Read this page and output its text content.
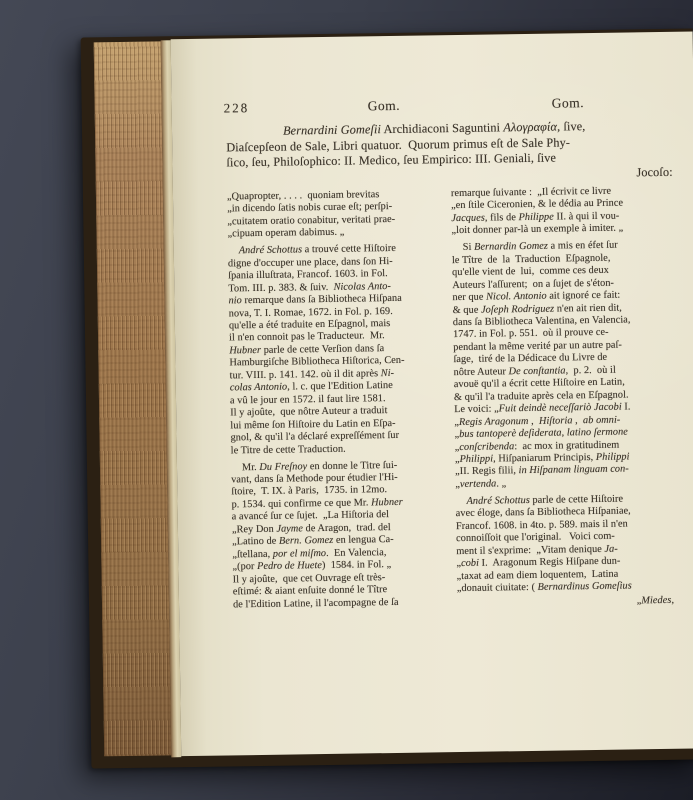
228	Gom.	Gom.
Bernardini Gomeſii Archidiaconi Saguntini Αλογραφία, ſive,
Diaſcepſeon de Sale, Libri quatuor.  Quorum primus eſt de Sale Phy-
ſico, ſeu, Philoſophico: II. Medico, ſeu Empirico: III. Geniali, ſive
Jocoſo:
„Quapropter, . . . .  quoniam brevitas
„in dicendo ſatis nobis curae eſt; perſpi-
„cuitatem oratio conabitur, veritati prae-
„cipuam operam dabimus. „
André Schottus a trouvé cette Hiſtoire
digne d'occuper une place, dans ſon Hi-
ſpania illuſtrata, Francof. 1603. in Fol.
Tom. III. p. 383. & ſuiv.  Nicolas Anto-
nio remarque dans ſa Bibliotheca Hiſpana
nova, T. I. Romae, 1672. in Fol. p. 169.
qu'elle a été traduite en Eſpagnol, mais
il n'en connoit pas le Traducteur.  Mr.
Hubner parle de cette Verſion dans ſa
Hamburgiſche Bibliotheca Hiſtorica, Cen-
tur. VIII. p. 141. 142. où il dit après Ni-
colas Antonio, l. c. que l'Edition Latine
a vû le jour en 1572. il faut lire 1581.
Il y ajoûte,  que nôtre Auteur a traduit
lui même ſon Hiſtoire du Latin en Eſpa-
gnol, & qu'il l'a déclaré expreſſément ſur
le Titre de cette Traduction.
Mr. Du Freſnoy en donne le Titre ſui-
vant, dans ſa Methode pour étudier l'Hi-
ſtoire,  T. IX. à Paris,  1735. in 12mo.
p. 1534. qui confirme ce que Mr. Hubner
a avancé ſur ce ſujet.  „La Hiſtoria del
„Rey Don Jayme de Aragon,  trad. del
„Latino de Bern. Gomez en lengua Ca-
„ſtellana, por el miſmo.  En Valencia,
„(por Pedro de Huete)  1584. in Fol. „
Il y ajoûte,  que cet Ouvrage eſt très-
eſtimé: & aiant enſuite donné le Tître
de l'Edition Latine, il l'acompagne de ſa
remarque ſuivante :  „Il écrivit ce livre
„en ſtile Ciceronien, & le dédia au Prince
Jacques, fils de Philippe II. à qui il vou-
„loit donner par-là un exemple à imiter. „
Si Bernardin Gomez a mis en éfet ſur
le Tître  de  la  Traduction  Eſpagnole,
qu'elle vient de  lui,  comme ces deux
Auteurs l'aſſurent;  on a ſujet de s'éton-
ner que Nicol. Antonio ait ignoré ce fait:
& que Joſeph Rodriguez n'en ait rien dit,
dans ſa Bibliotheca Valentina, en Valencia,
1747. in Fol. p. 551.  où il prouve ce-
pendant la même verité par un autre paſ-
ſage,  tiré de la Dédicace du Livre de
nôtre Auteur De conſtantia,  p. 2.  où il
avouë qu'il a écrit cette Hiſtoire en Latin,
& qu'il l'a traduite après cela en Eſpagnol.
Le voici: „Fuit deindè neceſſariò Jacobi I.
„Regis Aragonum ,  Hiſtoria ,  ab omni-
„bus tantoperè deſiderata, latino ſermone
„conſcribenda:  ac mox in gratitudinem
„Philippi, Hiſpaniarum Principis, Philippi
„II. Regis filii, in Hiſpanam linguam con-
„vertenda. „
André Schottus parle de cette Hiſtoire
avec éloge, dans ſa Bibliotheca Hiſpaniae,
Francof. 1608. in 4to. p. 589. mais il n'en
connoiſſoit que l'original.   Voici com-
ment il s'exprime:  „Vitam denique Ja-
„cobi I.  Aragonum Regis Hiſpane dun-
„taxat ad eam diem loquentem,  Latina
„donauit ciuitate: ( Bernardinus Gomeſius
„Miedes,
